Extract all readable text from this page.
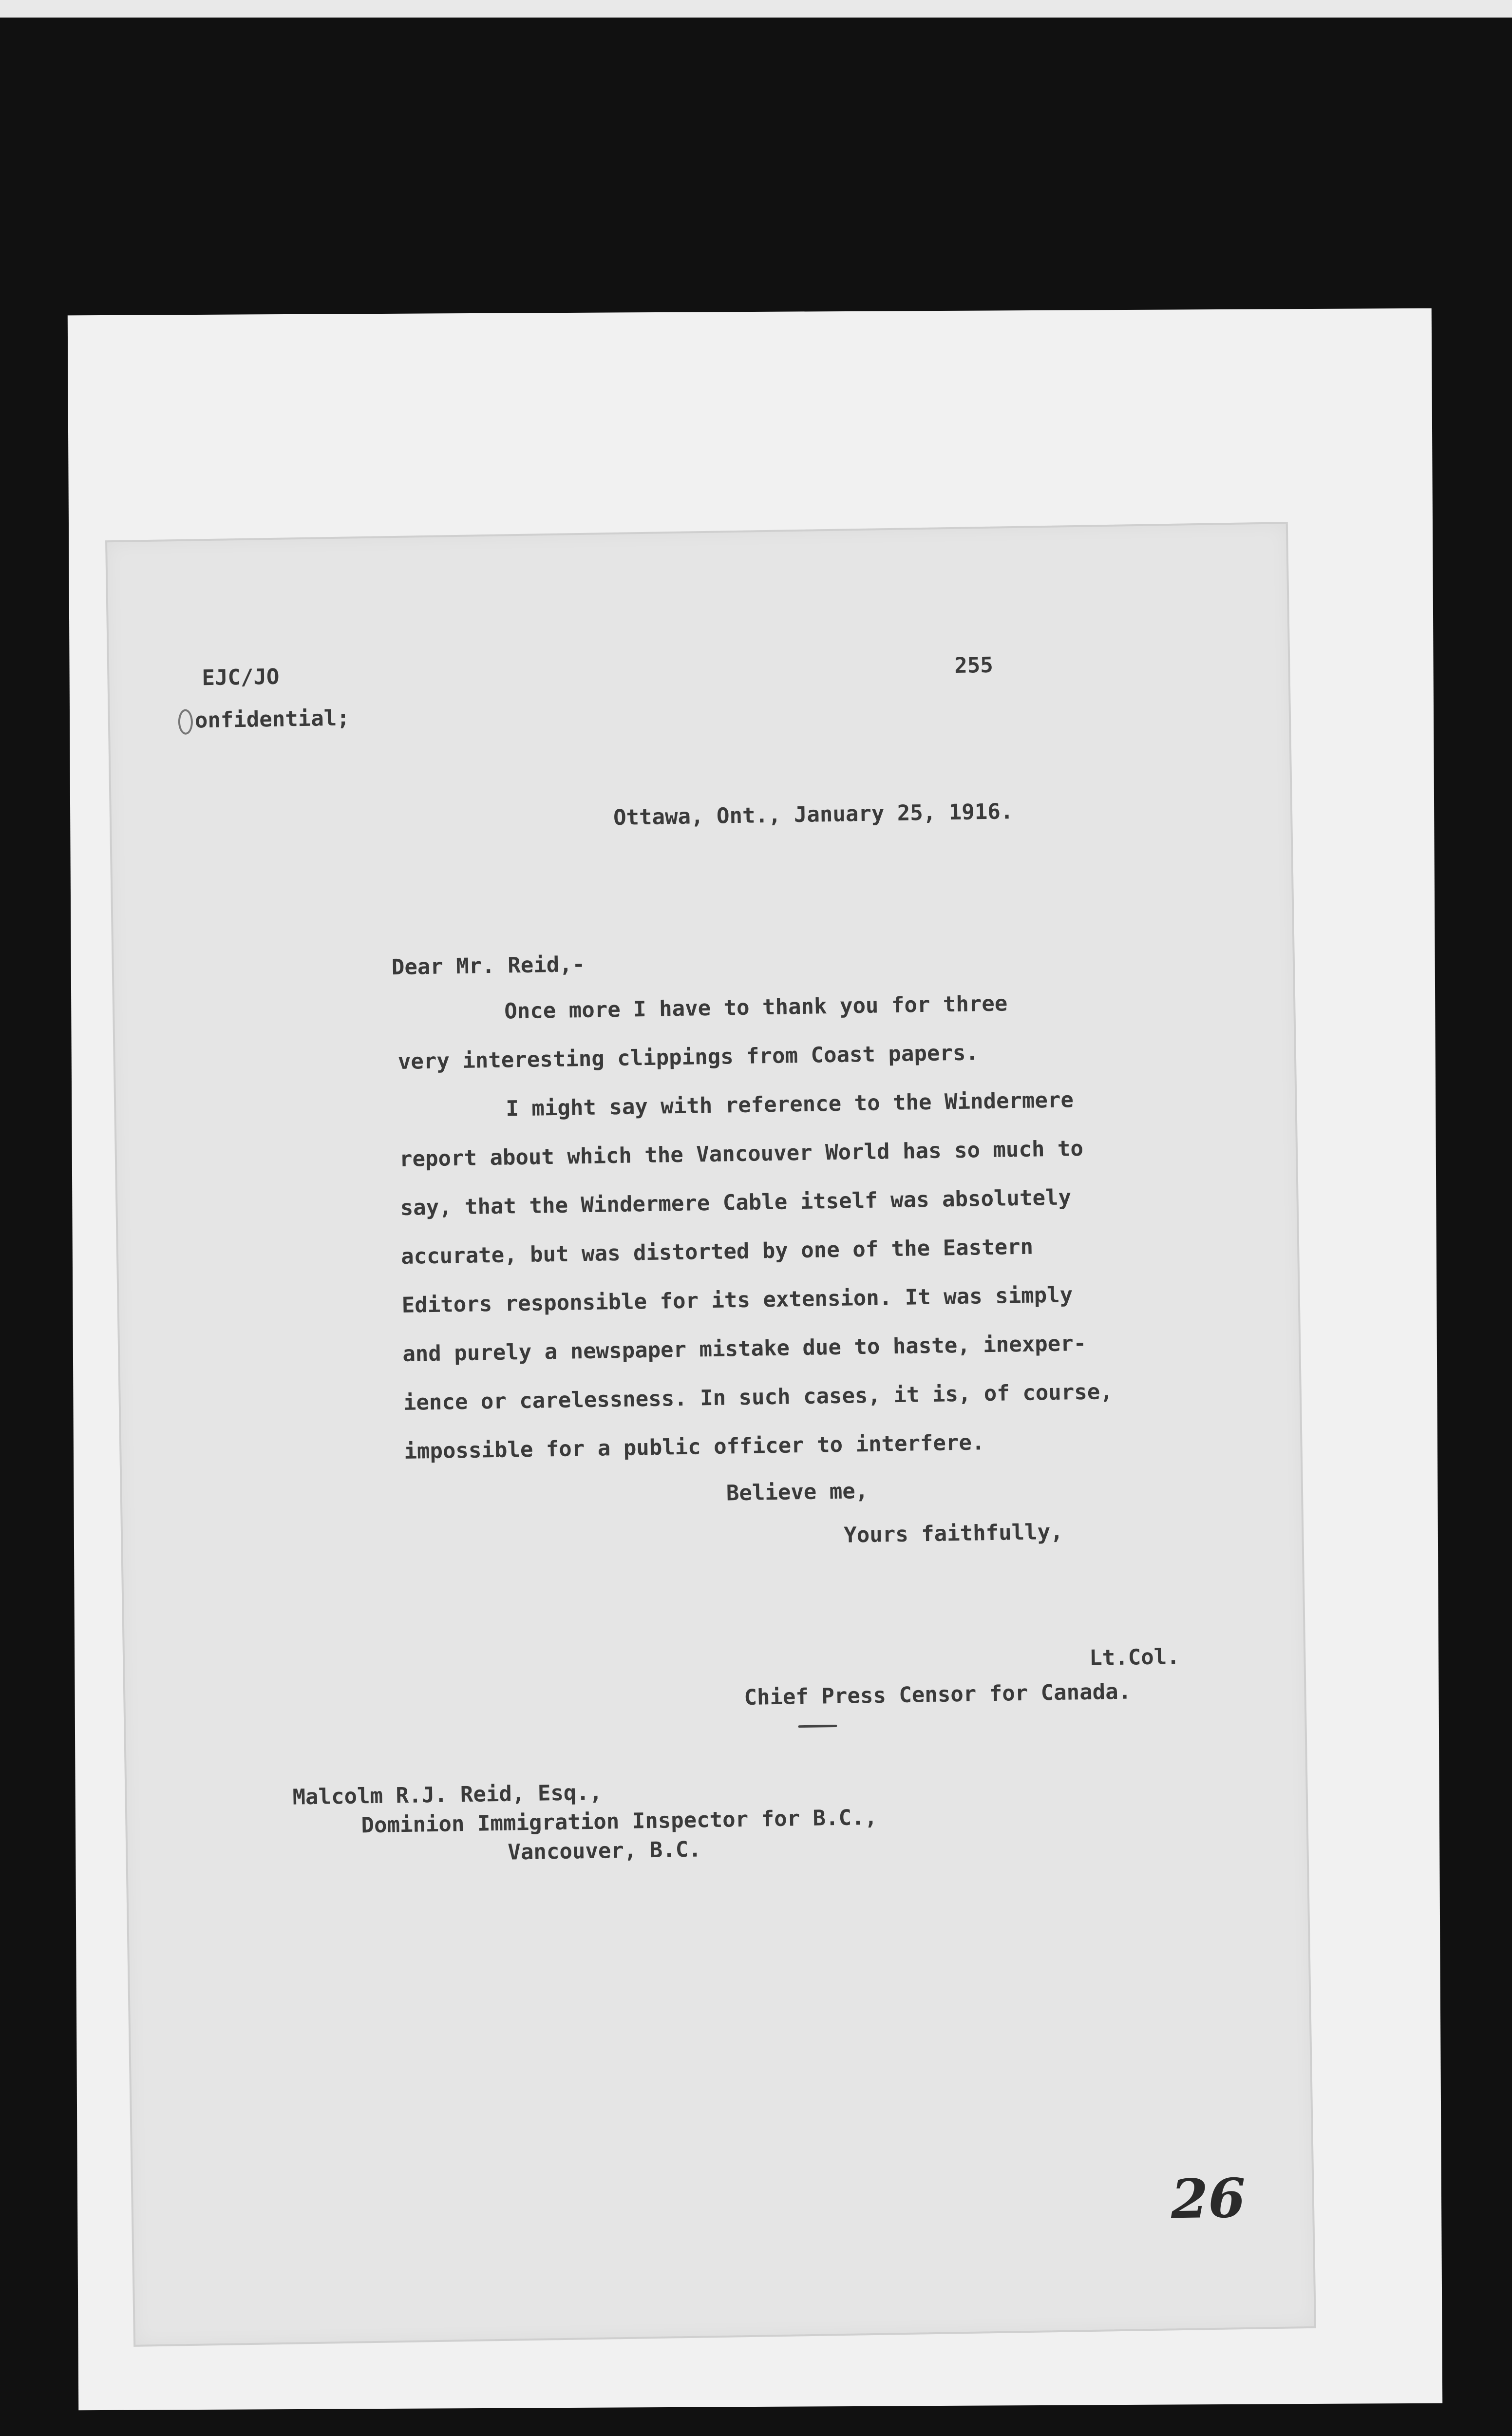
EJC/JO	255
onfidential;
Ottawa, Ont., January 25, 1916.
Dear Mr. Reid,-
Once more I have to thank you for three
very interesting clippings from Coast papers.
I might say with reference to the Windermere
report about which the Vancouver World has so much to
say, that the Windermere Cable itself was absolutely
accurate, but was distorted by one of the Eastern
Editors responsible for its extension. It was simply
and purely a newspaper mistake due to haste, inexper-
ience or carelessness. In such cases, it is, of course,
impossible for a public officer to interfere.
Believe me,
Yours faithfully,
Lt.Col.
Chief Press Censor for Canada.
Malcolm R.J. Reid, Esq.,
Dominion Immigration Inspector for B.C.,
Vancouver, B.C.
26
